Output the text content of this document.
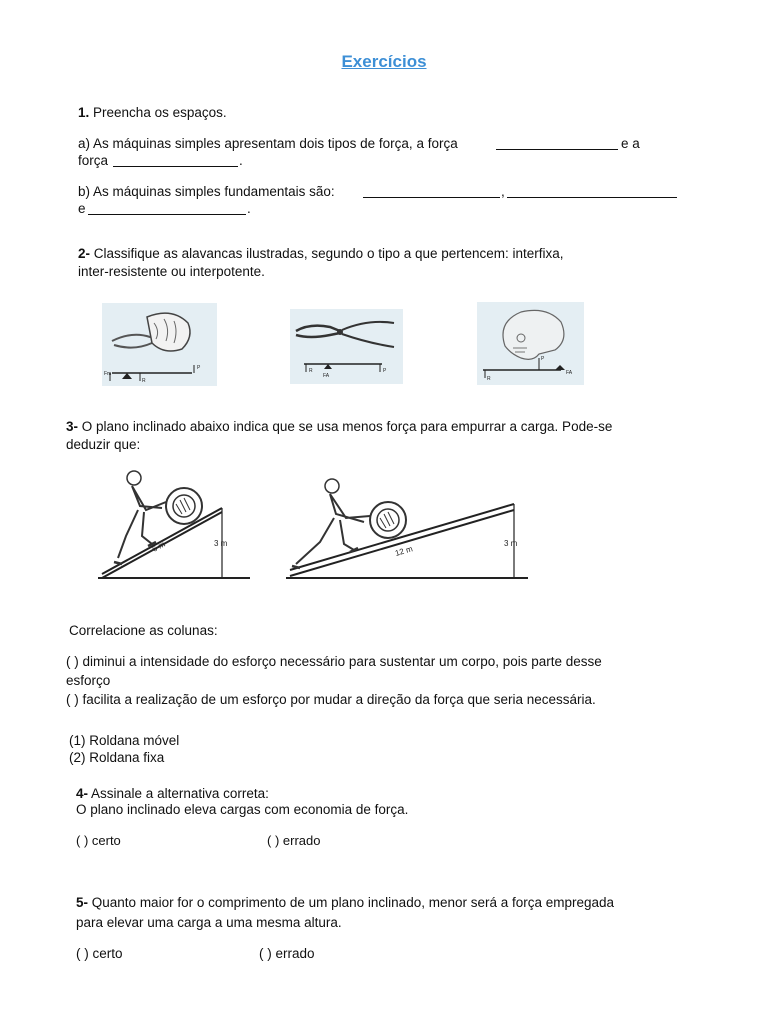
Exercícios
1. Preencha os espaços.
a) As máquinas simples apresentam dois tipos de força, a força	e a
força	.
b) As máquinas simples fundamentais são:	,
e	.
2- Classifique as alavancas ilustradas, segundo o tipo a que pertencem: interfixa,
inter-resistente ou interpotente.
Fm
R
P	R
FA
P
R
P
FA
3- O plano inclinado abaixo indica que se usa menos força para empurrar a carga. Pode-se
deduzir que:
6 m	3 m
12 m
3 m
Correlacione as colunas:
( ) diminui a intensidade do esforço necessário para sustentar um corpo, pois parte desse
esforço
( ) facilita a realização de um esforço por mudar a direção da força que seria necessária.
(1) Roldana móvel
(2) Roldana fixa
4- Assinale a alternativa correta:
O plano inclinado eleva cargas com economia de força.
( ) certo	( ) errado
5- Quanto maior for o comprimento de um plano inclinado, menor será a força empregada
para elevar uma carga a uma mesma altura.
( ) certo	( ) errado
